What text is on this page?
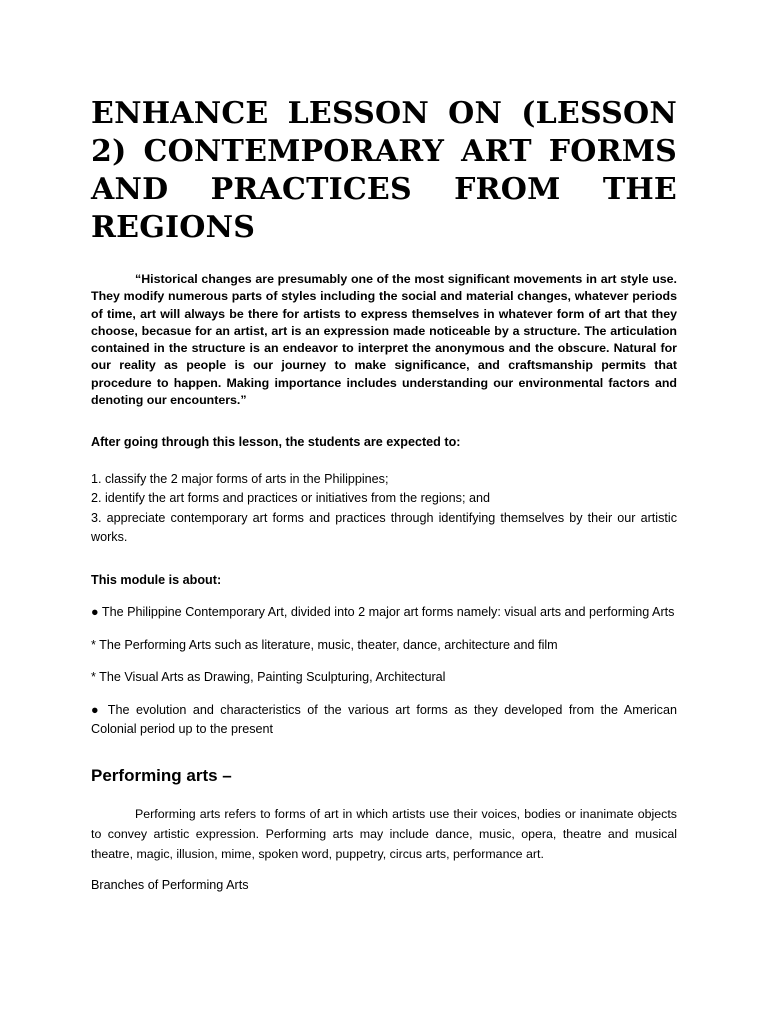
ENHANCE LESSON ON (LESSON 2) CONTEMPORARY ART FORMS AND PRACTICES FROM THE REGIONS

“Historical changes are presumably one of the most significant movements in art style use. They modify numerous parts of styles including the social and material changes, whatever periods of time, art will always be there for artists to express themselves in whatever form of art that they choose, becasue for an artist, art is an expression made noticeable by a structure. The articulation contained in the structure is an endeavor to interpret the anonymous and the obscure. Natural for our reality as people is our journey to make significance, and craftsmanship permits that procedure to happen. Making importance includes understanding our environmental factors and denoting our encounters.”

After going through this lesson, the students are expected to:

1. classify the 2 major forms of arts in the Philippines;

2. identify the art forms and practices or initiatives from the regions; and

3. appreciate contemporary art forms and practices through identifying themselves by their our artistic works.

This module is about:

● The Philippine Contemporary Art, divided into 2 major art forms namely: visual arts and performing Arts

* The Performing Arts such as literature, music, theater, dance, architecture and film

* The Visual Arts as Drawing, Painting Sculpturing, Architectural

● The evolution and characteristics of the various art forms as they developed from the American Colonial period up to the present

Performing arts –

Performing arts refers to forms of art in which artists use their voices, bodies or inanimate objects to convey artistic expression. Performing arts may include dance, music, opera, theatre and musical theatre, magic, illusion, mime, spoken word, puppetry, circus arts, performance art.

Branches of Performing Arts
